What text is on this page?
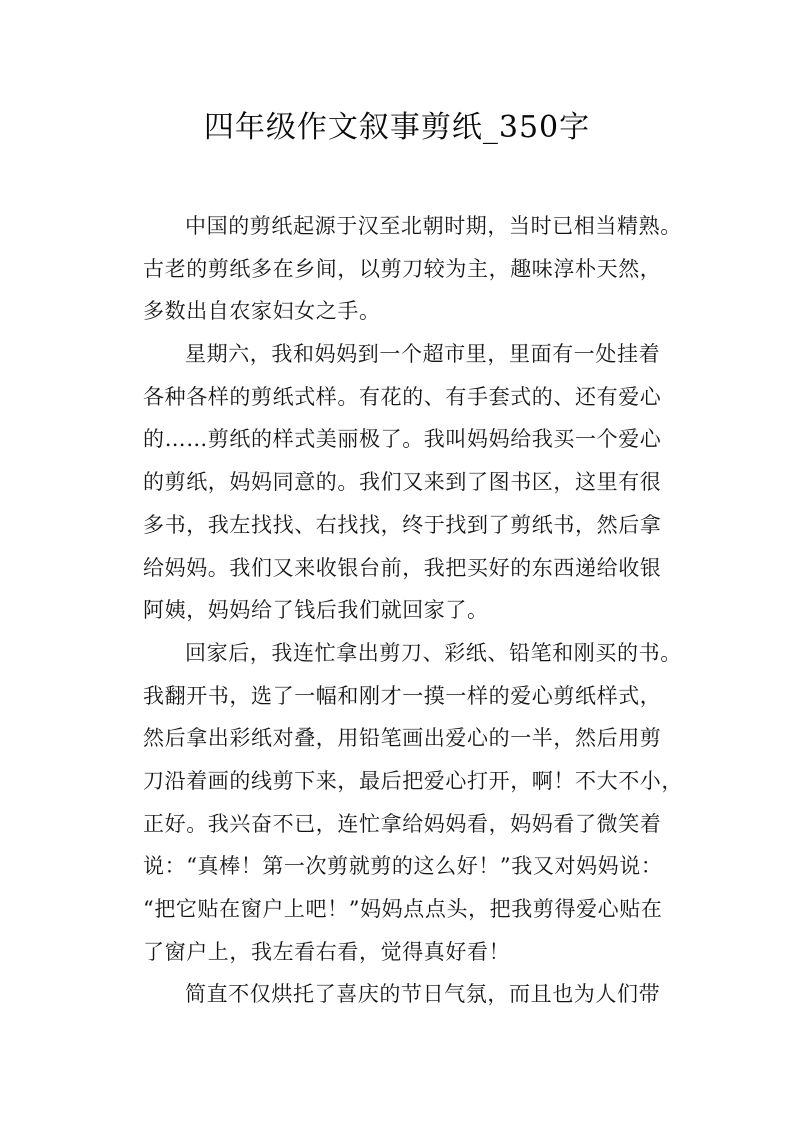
四年级作文叙事剪纸_350字
中国的剪纸起源于汉至北朝时期，当时已相当精熟。
古老的剪纸多在乡间，以剪刀较为主，趣味淳朴天然，
多数出自农家妇女之手。
星期六，我和妈妈到一个超市里，里面有一处挂着
各种各样的剪纸式样。有花的、有手套式的、还有爱心
的……剪纸的样式美丽极了。我叫妈妈给我买一个爱心
的剪纸，妈妈同意的。我们又来到了图书区，这里有很
多书，我左找找、右找找，终于找到了剪纸书，然后拿
给妈妈。我们又来收银台前，我把买好的东西递给收银
阿姨，妈妈给了钱后我们就回家了。
回家后，我连忙拿出剪刀、彩纸、铅笔和刚买的书。
我翻开书，选了一幅和刚才一摸一样的爱心剪纸样式，
然后拿出彩纸对叠，用铅笔画出爱心的一半，然后用剪
刀沿着画的线剪下来，最后把爱心打开，啊！不大不小，
正好。我兴奋不已，连忙拿给妈妈看，妈妈看了微笑着
说：“真棒！第一次剪就剪的这么好！”我又对妈妈说：
“把它贴在窗户上吧！”妈妈点点头，把我剪得爱心贴在
了窗户上，我左看右看，觉得真好看！
简直不仅烘托了喜庆的节日气氛，而且也为人们带
